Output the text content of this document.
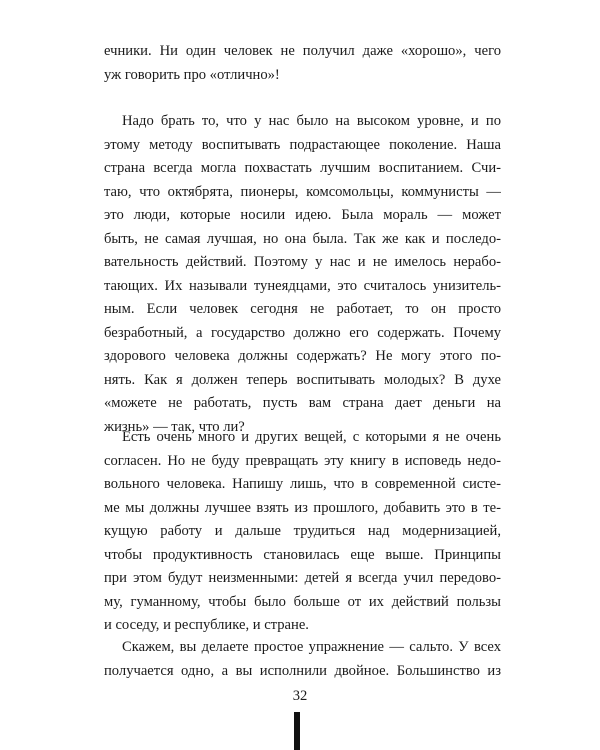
ечники. Ни один человек не получил даже «хорошо», чего
уж говорить про «отлично»!
Надо брать то, что у нас было на высоком уровне, и по
этому методу воспитывать подрастающее поколение. Наша
страна всегда могла похвастать лучшим воспитанием. Счи-
таю, что октябрята, пионеры, комсомольцы, коммунисты —
это люди, которые носили идею. Была мораль — может
быть, не самая лучшая, но она была. Так же как и последо-
вательность действий. Поэтому у нас и не имелось нерабо-
тающих. Их называли тунеядцами, это считалось унизитель-
ным. Если человек сегодня не работает, то он просто
безработный, а государство должно его содержать. Почему
здорового человека должны содержать? Не могу этого по-
нять. Как я должен теперь воспитывать молодых? В духе
«можете не работать, пусть вам страна дает деньги на
жизнь» — так, что ли?
Есть очень много и других вещей, с которыми я не очень
согласен. Но не буду превращать эту книгу в исповедь недо-
вольного человека. Напишу лишь, что в современной систе-
ме мы должны лучшее взять из прошлого, добавить это в те-
кущую работу и дальше трудиться над модернизацией,
чтобы продуктивность становилась еще выше. Принципы
при этом будут неизменными: детей я всегда учил передово-
му, гуманному, чтобы было больше от их действий пользы
и соседу, и республике, и стране.
Скажем, вы делаете простое упражнение — сальто. У всех
получается одно, а вы исполнили двойное. Большинство из
32
